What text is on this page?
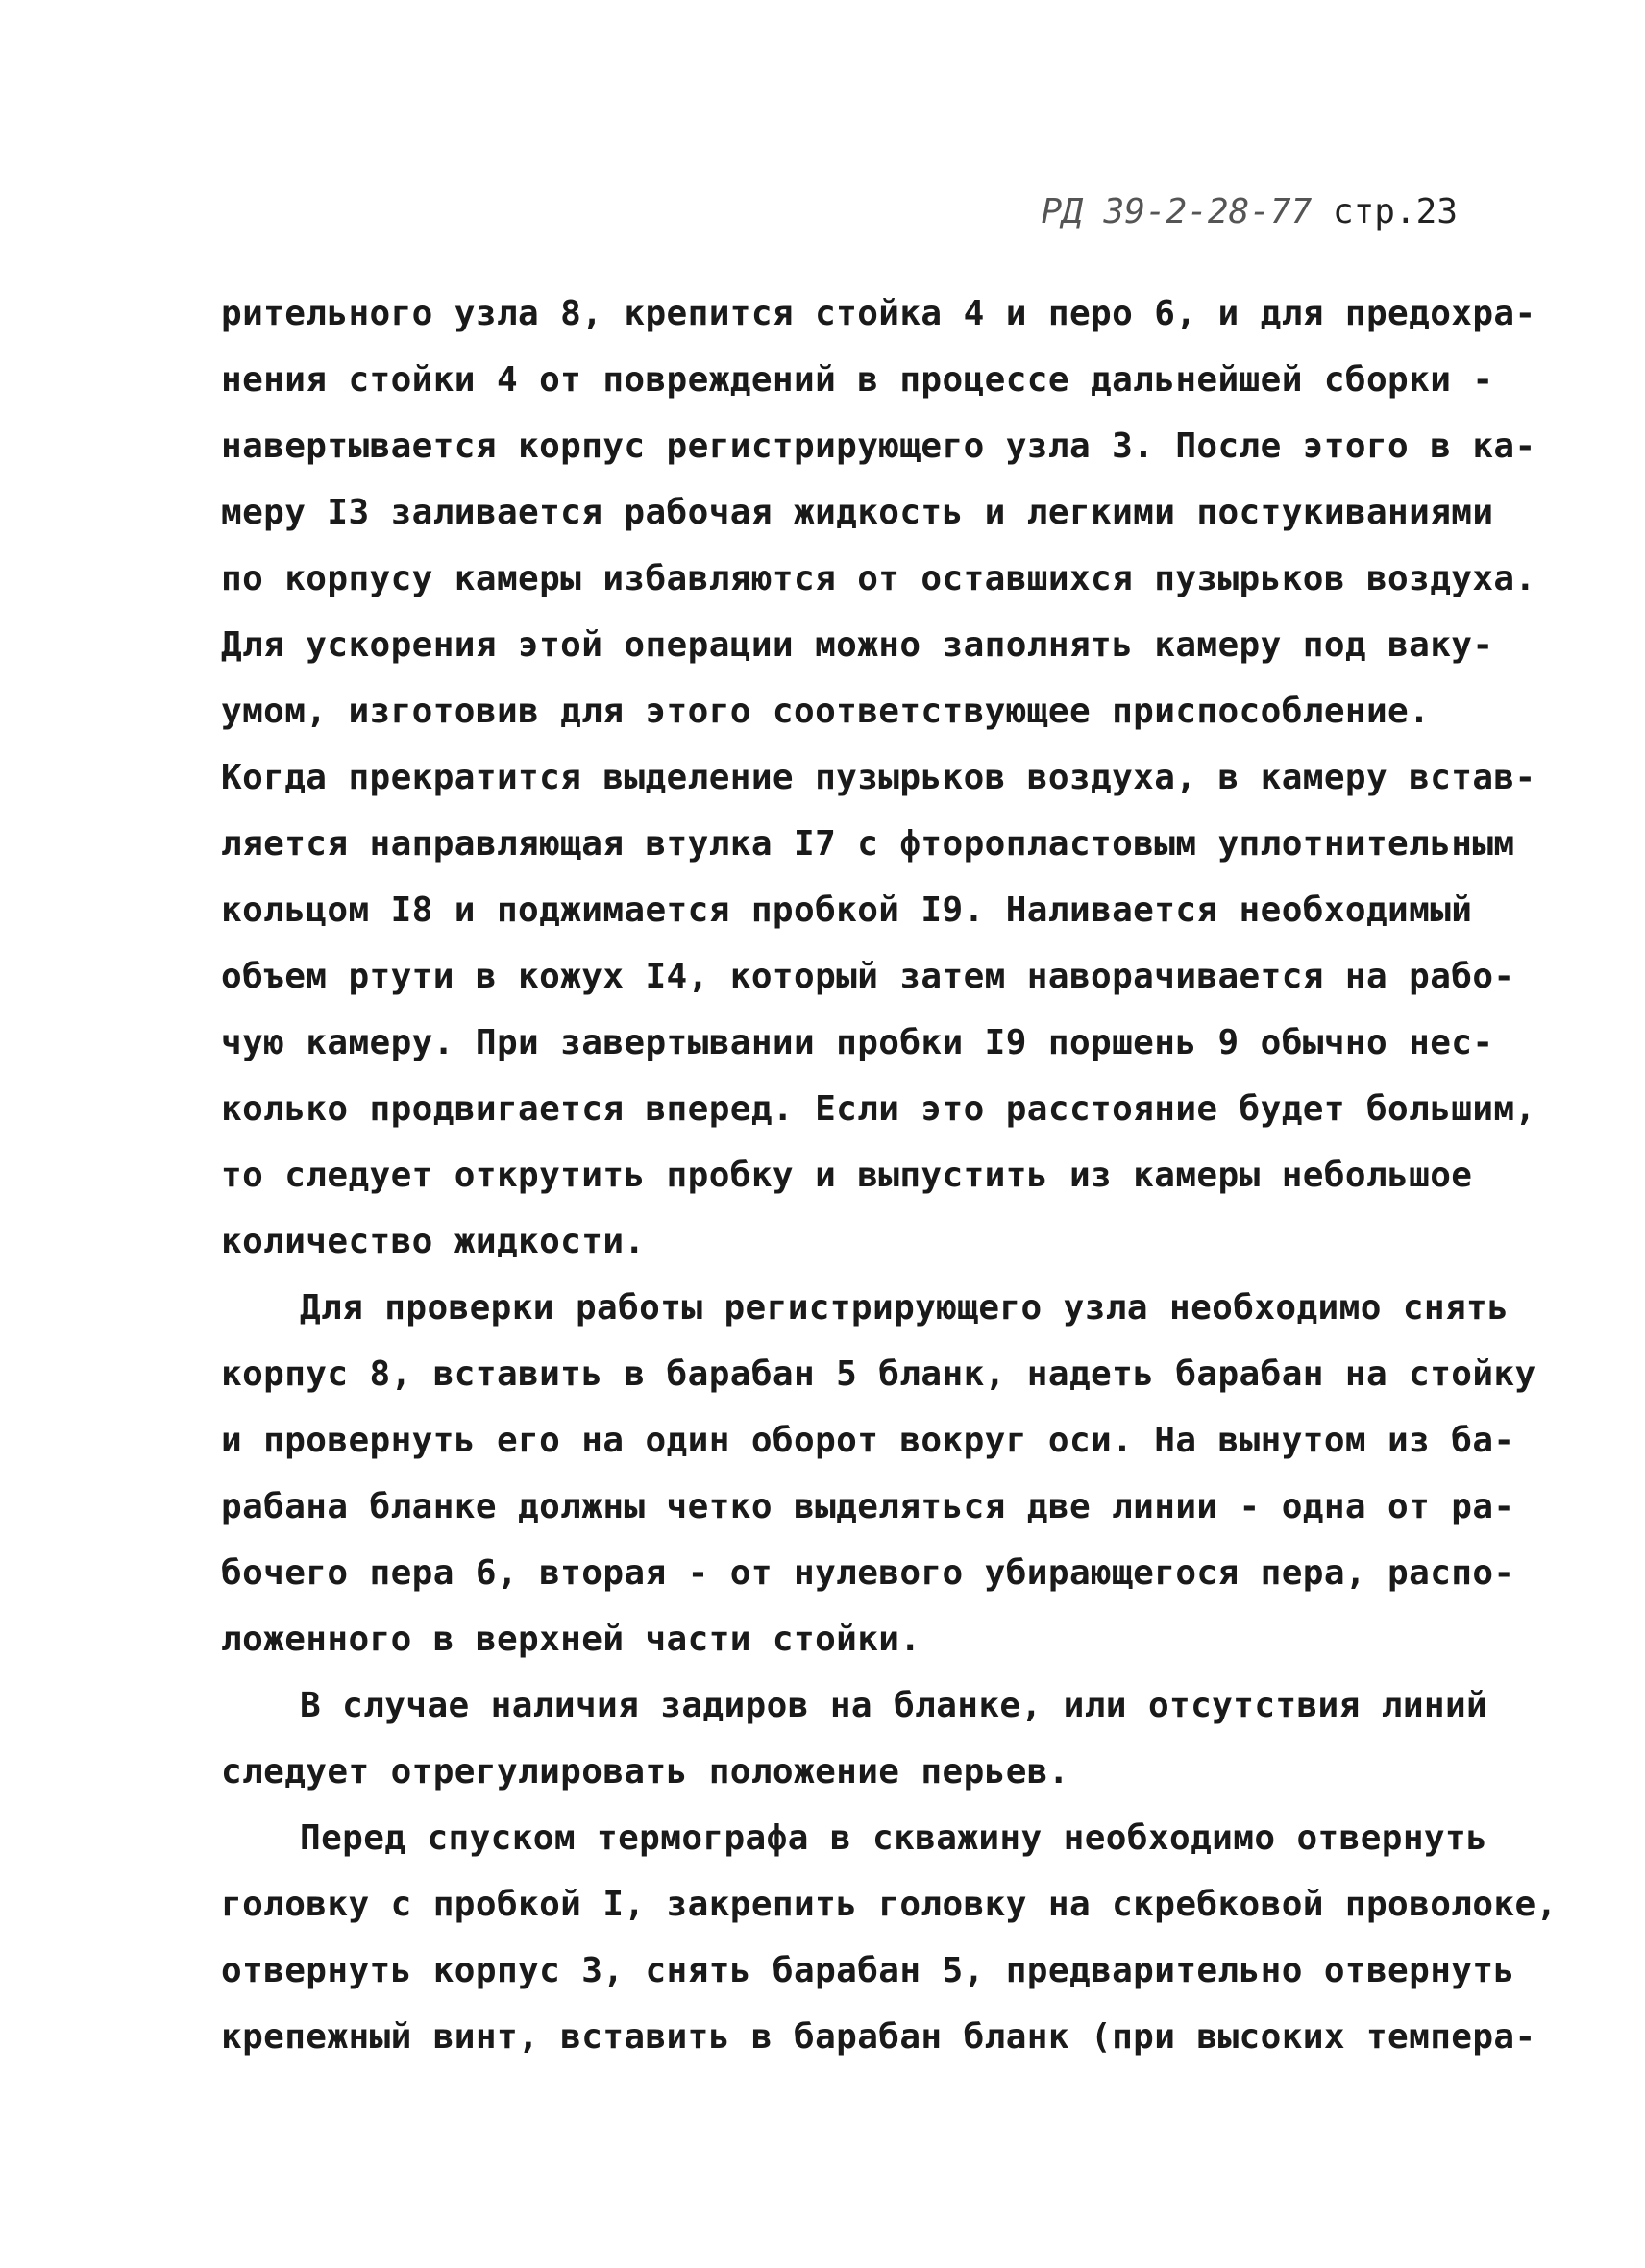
РД 39-2-28-77 стр.23
рительного узла 8, крепится стойка 4 и перо 6, и для предохра-
нения стойки 4 от повреждений в процессе дальнейшей сборки -
навертывается корпус регистрирующего узла 3. После этого в ка-
меру I3 заливается рабочая жидкость и легкими постукиваниями
по корпусу камеры избавляются от оставшихся пузырьков воздуха.
Для ускорения этой операции можно заполнять камеру под ваку-
умом, изготовив для этого соответствующее приспособление.
Когда прекратится выделение пузырьков воздуха, в камеру встав-
ляется направляющая втулка I7 с фторопластовым уплотнительным
кольцом I8 и поджимается пробкой I9. Наливается необходимый
объем ртути в кожух I4, который затем наворачивается на рабо-
чую камеру. При завертывании пробки I9 поршень 9 обычно нес-
колько продвигается вперед. Если это расстояние будет большим,
то следует открутить пробку и выпустить из камеры небольшое
количество жидкости.
Для проверки работы регистрирующего узла необходимо снять
корпус 8, вставить в барабан 5 бланк, надеть барабан на стойку
и провернуть его на один оборот вокруг оси. На вынутом из ба-
рабана бланке должны четко выделяться две линии - одна от ра-
бочего пера 6, вторая - от нулевого убирающегося пера, распо-
ложенного в верхней части стойки.
В случае наличия задиров на бланке, или отсутствия линий
следует отрегулировать положение перьев.
Перед спуском термографа в скважину необходимо отвернуть
головку с пробкой I, закрепить головку на скребковой проволоке,
отвернуть корпус 3, снять барабан 5, предварительно отвернуть
крепежный винт, вставить в барабан бланк (при высоких темпера-
